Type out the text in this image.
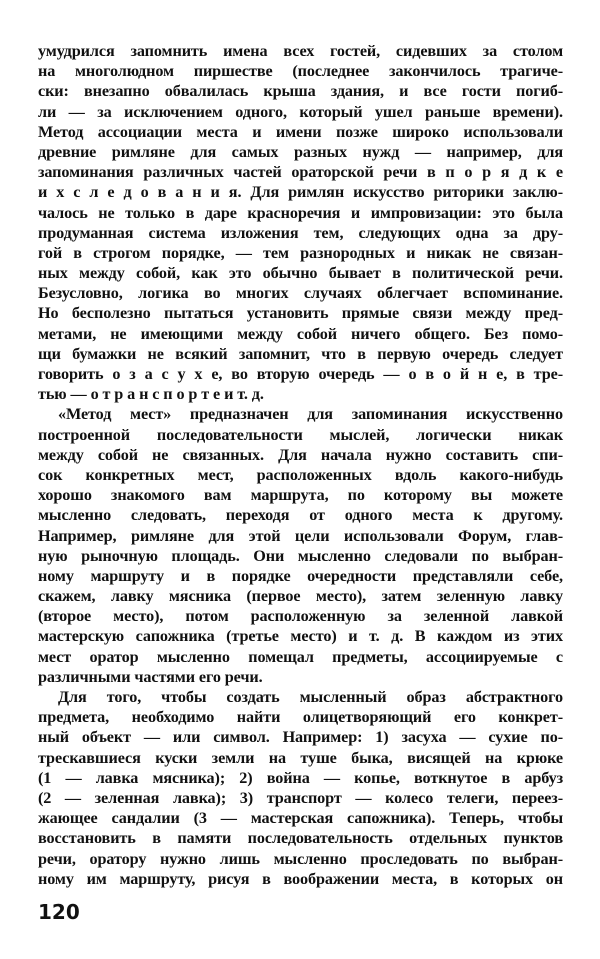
умудрился запомнить имена всех гостей, сидевших за столом
на многолюдном пиршестве (последнее закончилось трагиче-
ски: внезапно обвалилась крыша здания, и все гости погиб-
ли — за исключением одного, который ушел раньше времени).
Метод ассоциации места и имени позже широко использовали
древние римляне для самых разных нужд — например, для
запоминания различных частей ораторской речи в п о р я д к е
и х с л е д о в а н и я. Для римлян искусство риторики заклю-
чалось не только в даре красноречия и импровизации: это была
продуманная система изложения тем, следующих одна за дру-
гой в строгом порядке, — тем разнородных и никак не связан-
ных между собой, как это обычно бывает в политической речи.
Безусловно, логика во многих случаях облегчает вспоминание.
Но бесполезно пытаться установить прямые связи между пред-
метами, не имеющими между собой ничего общего. Без помо-
щи бумажки не всякий запомнит, что в первую очередь следует
говорить о з а с у х е, во вторую очередь — о в о й н е, в тре-
тью — о т р а н с п о р т е и т. д.
«Метод мест» предназначен для запоминания искусственно
построенной последовательности мыслей, логически никак
между собой не связанных. Для начала нужно составить спи-
сок конкретных мест, расположенных вдоль какого-нибудь
хорошо знакомого вам маршрута, по которому вы можете
мысленно следовать, переходя от одного места к другому.
Например, римляне для этой цели использовали Форум, глав-
ную рыночную площадь. Они мысленно следовали по выбран-
ному маршруту и в порядке очередности представляли себе,
скажем, лавку мясника (первое место), затем зеленную лавку
(второе место), потом расположенную за зеленной лавкой
мастерскую сапожника (третье место) и т. д. В каждом из этих
мест оратор мысленно помещал предметы, ассоциируемые с
различными частями его речи.
Для того, чтобы создать мысленный образ абстрактного
предмета, необходимо найти олицетворяющий его конкрет-
ный объект — или символ. Например: 1) засуха — сухие по-
трескавшиеся куски земли на туше быка, висящей на крюке
(1 — лавка мясника); 2) война — копье, воткнутое в арбуз
(2 — зеленная лавка); 3) транспорт — колесо телеги, переез-
жающее сандалии (3 — мастерская сапожника). Теперь, чтобы
восстановить в памяти последовательность отдельных пунктов
речи, оратору нужно лишь мысленно проследовать по выбран-
ному им маршруту, рисуя в воображении места, в которых он
120
